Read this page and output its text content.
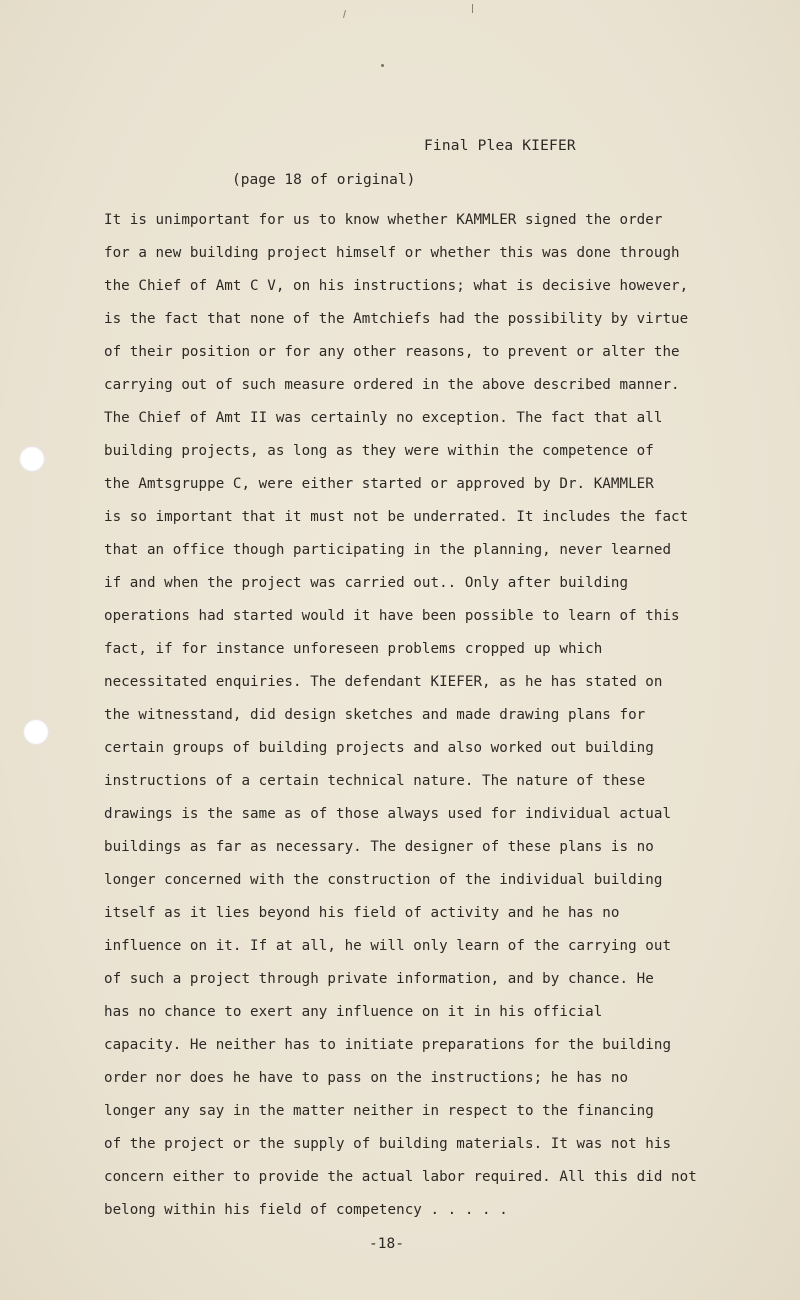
Final Plea KIEFER
(page 18 of original)
It is unimportant for us to know whether KAMMLER signed the order
for a new building project himself or whether this was done through
the Chief of Amt C V, on his instructions; what is decisive however,
is the fact that none of the Amtchiefs had the possibility by virtue
of their position or for any other reasons, to prevent or alter the
carrying out of such measure ordered in the above described manner.
The Chief of Amt II was certainly no exception. The fact that all
building projects, as long as they were within the competence of
the Amtsgruppe C, were either started or approved by Dr. KAMMLER
is so important that it must not be underrated. It includes the fact
that an office though participating in the planning, never learned
if and when the project was carried out.. Only after building
operations had started would it have been possible to learn of this
fact, if for instance unforeseen problems cropped up which
necessitated enquiries. The defendant KIEFER, as he has stated on
the witnesstand, did design sketches and made drawing plans for
certain groups of building projects and also worked out building
instructions of a certain technical nature. The nature of these
drawings is the same as of those always used for individual actual
buildings as far as necessary. The designer of these plans is no
longer concerned with the construction of the individual building
itself as it lies beyond his field of activity and he has no
influence on it. If at all, he will only learn of the carrying out
of such a project through private information, and by chance. He
has no chance to exert any influence on it in his official
capacity. He neither has to initiate preparations for the building
order nor does he have to pass on the instructions; he has no
longer any say in the matter neither in respect to the financing
of the project or the supply of building materials. It was not his
concern either to provide the actual labor required. All this did not
belong within his field of competency . . . . .
-18-
